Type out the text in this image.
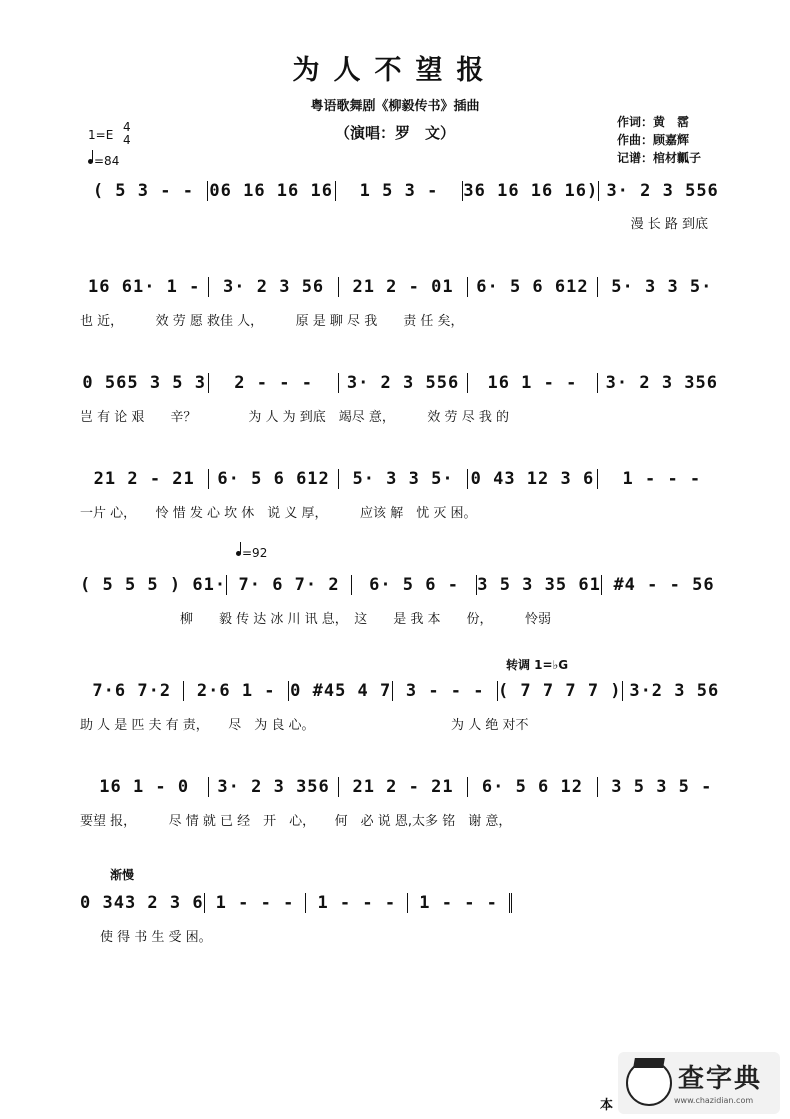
为人不望报
粤语歌舞剧《柳毅传书》插曲
（演唱：罗　文）
作词：黄　霑
作曲：顾嘉辉
记谱：棺材瓤子
1=E
4
4
=84
( 5 3 - - 06 16 16 16	1 5 3 -	36 16 16 16) 3· 2 3 556
漫 长 路 到底
16 61· 1 -	3· 2 3 56	21 2 - 01	6· 5 6 612	5· 3 3 5·
也 近，　　　效 劳 愿 救佳 人，　　　原 是 聊 尽 我　　责 任 矣，
0 565 3 5 3	2 - - -	3· 2 3 556	16 1 - -	3· 2 3 356
岂 有 论 艰　　辛？　　　　为 人 为 到底　竭尽 意，　　　效 劳 尽 我 的
21 2 - 21	6· 5 6 612	5· 3 3 5·	0 43 12 3 6	1 - - -
一片 心，　　怜 惜 发 心 坎 休　说 义 厚，　　　应该 解　忧 灭 困。
=92
( 5 5 5 ) 61· 7· 6 7· 2	6· 5 6 -	3 5 3 35 61 #4 - - 56
柳　　毅 传 达 冰 川 讯 息，　这　　是 我 本　　份，　　　怜弱
转调 1=♭G
7·6 7·2	2·6 1 - 0 #45 4 7 3 - - - ( 7 7 7 7 ) 3·2 3 56
助 人 是 匹 夫 有 责，　　尽　为 良 心。　　　　　　　　　　　为 人 绝 对不
16 1 - 0	3· 2 3 356	21 2 - 21	6· 5 6 12	3 5 3 5 -
要望 报，　　　尽 情 就 已 经　开　心，　　何　必 说 恩,太多 铭　谢 意，
渐慢
0 343 2 3 6 1 - - -	1 - - -	1 - - -
使 得 书 生 受 困。
本
查字典
www.chazidian.com
